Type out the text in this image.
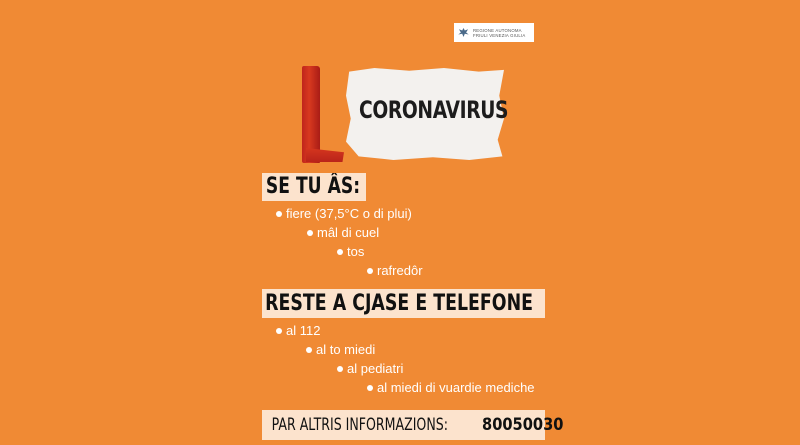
REGIONE AUTONOMA
FRIULI VENEZIA GIULIA
CORONAVIRUS
SE TU ÂS:
fiere (37,5°C o di plui)
mâl di cuel
tos
rafredôr
RESTE A CJASE E TELEFONE
al 112
al to miedi
al pediatri
al miedi di vuardie mediche
PAR ALTRIS INFORMAZIONS: 80050030
